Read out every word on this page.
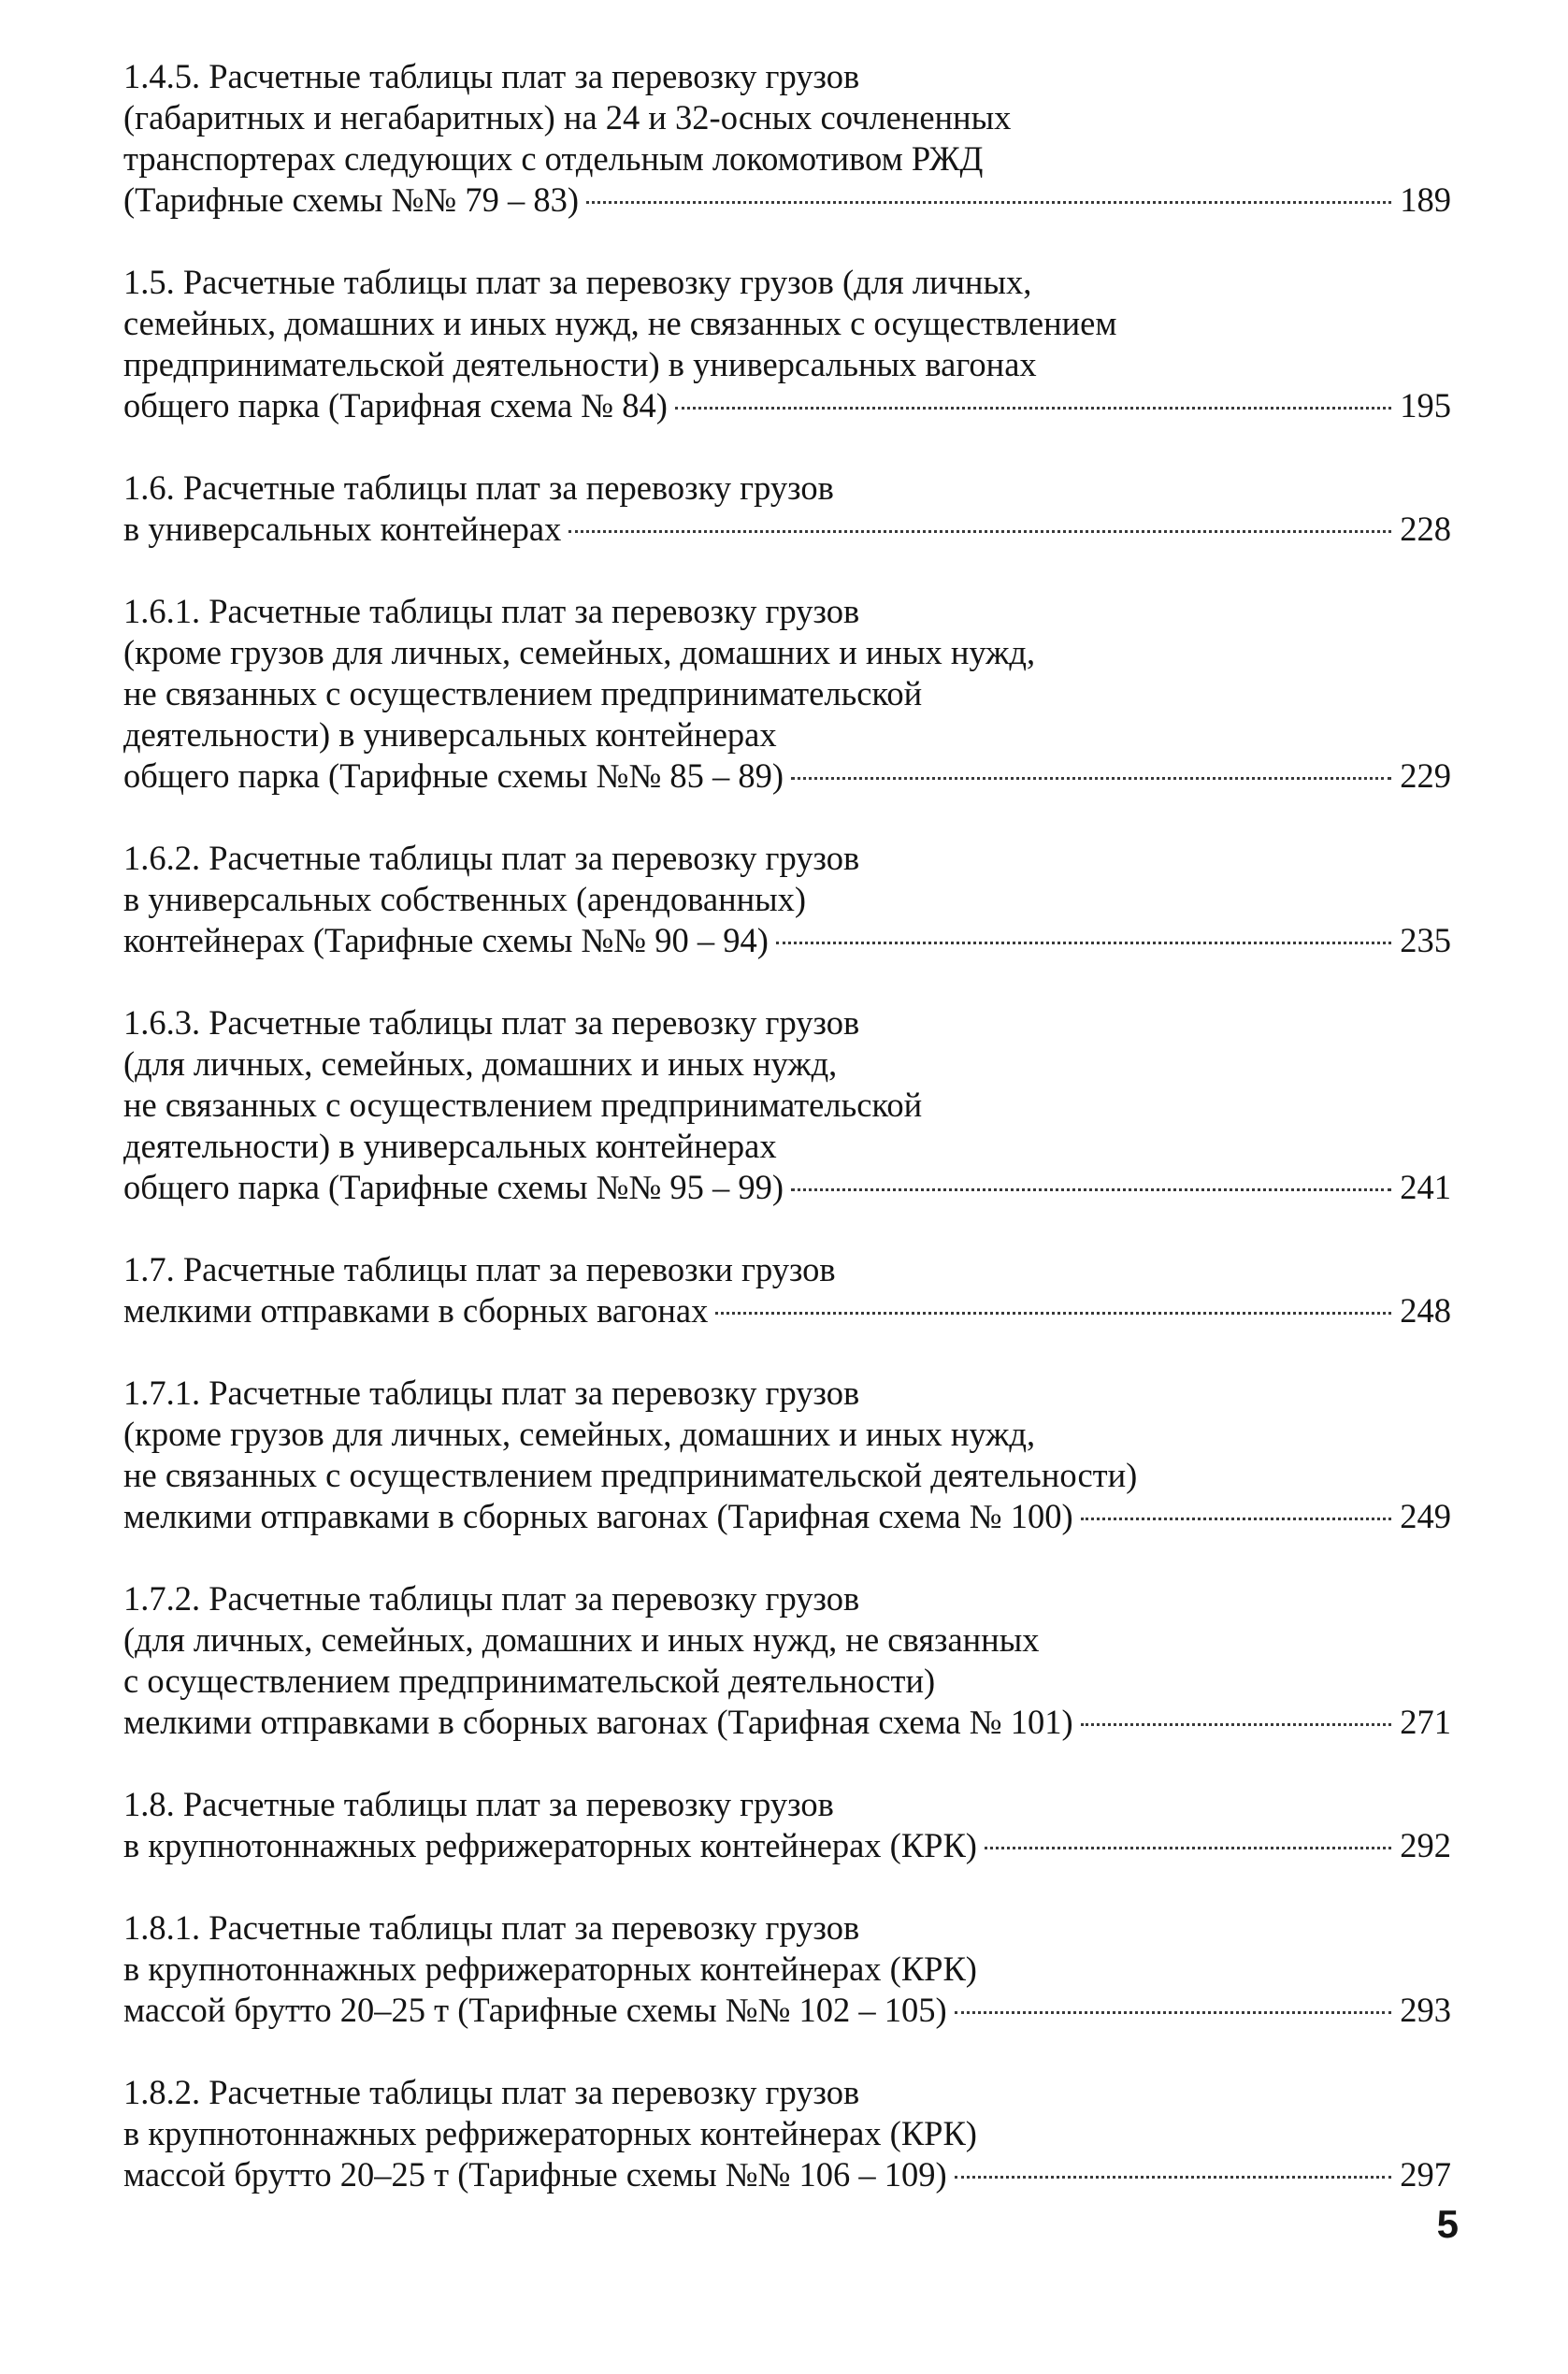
1.4.5. Расчетные таблицы плат за перевозку грузов
(габаритных и негабаритных) на 24 и 32-осных сочлененных
транспортерах следующих с отдельным локомотивом РЖД
(Тарифные схемы №№ 79 – 83)	189
1.5. Расчетные таблицы плат за перевозку грузов (для личных,
семейных, домашних и иных нужд, не связанных с осуществлением
предпринимательской деятельности) в универсальных вагонах
общего парка (Тарифная схема № 84)	195
1.6. Расчетные таблицы плат за перевозку грузов
в универсальных контейнерах	228
1.6.1. Расчетные таблицы плат за перевозку грузов
(кроме грузов для личных, семейных, домашних и иных нужд,
не связанных с осуществлением предпринимательской
деятельности) в универсальных контейнерах
общего парка (Тарифные схемы №№ 85 – 89)	229
1.6.2. Расчетные таблицы плат за перевозку грузов
в универсальных собственных (арендованных)
контейнерах (Тарифные схемы №№ 90 – 94)	235
1.6.3. Расчетные таблицы плат за перевозку грузов
(для личных, семейных, домашних и иных нужд,
не связанных с осуществлением предпринимательской
деятельности) в универсальных контейнерах
общего парка (Тарифные схемы №№ 95 – 99)	241
1.7. Расчетные таблицы плат за перевозки грузов
мелкими отправками в сборных вагонах	248
1.7.1. Расчетные таблицы плат за перевозку грузов
(кроме грузов для личных, семейных, домашних и иных нужд,
не связанных с осуществлением предпринимательской деятельности)
мелкими отправками в сборных вагонах (Тарифная схема № 100)	249
1.7.2. Расчетные таблицы плат за перевозку грузов
(для личных, семейных, домашних и иных нужд, не связанных
с осуществлением предпринимательской деятельности)
мелкими отправками в сборных вагонах (Тарифная схема № 101)	271
1.8. Расчетные таблицы плат за перевозку грузов
в крупнотоннажных рефрижераторных контейнерах (КРК)	292
1.8.1. Расчетные таблицы плат за перевозку грузов
в крупнотоннажных рефрижераторных контейнерах (КРК)
массой брутто 20–25 т (Тарифные схемы №№ 102 – 105)	293
1.8.2. Расчетные таблицы плат за перевозку грузов
в крупнотоннажных рефрижераторных контейнерах (КРК)
массой брутто 20–25 т (Тарифные схемы №№ 106 – 109)	297
5
